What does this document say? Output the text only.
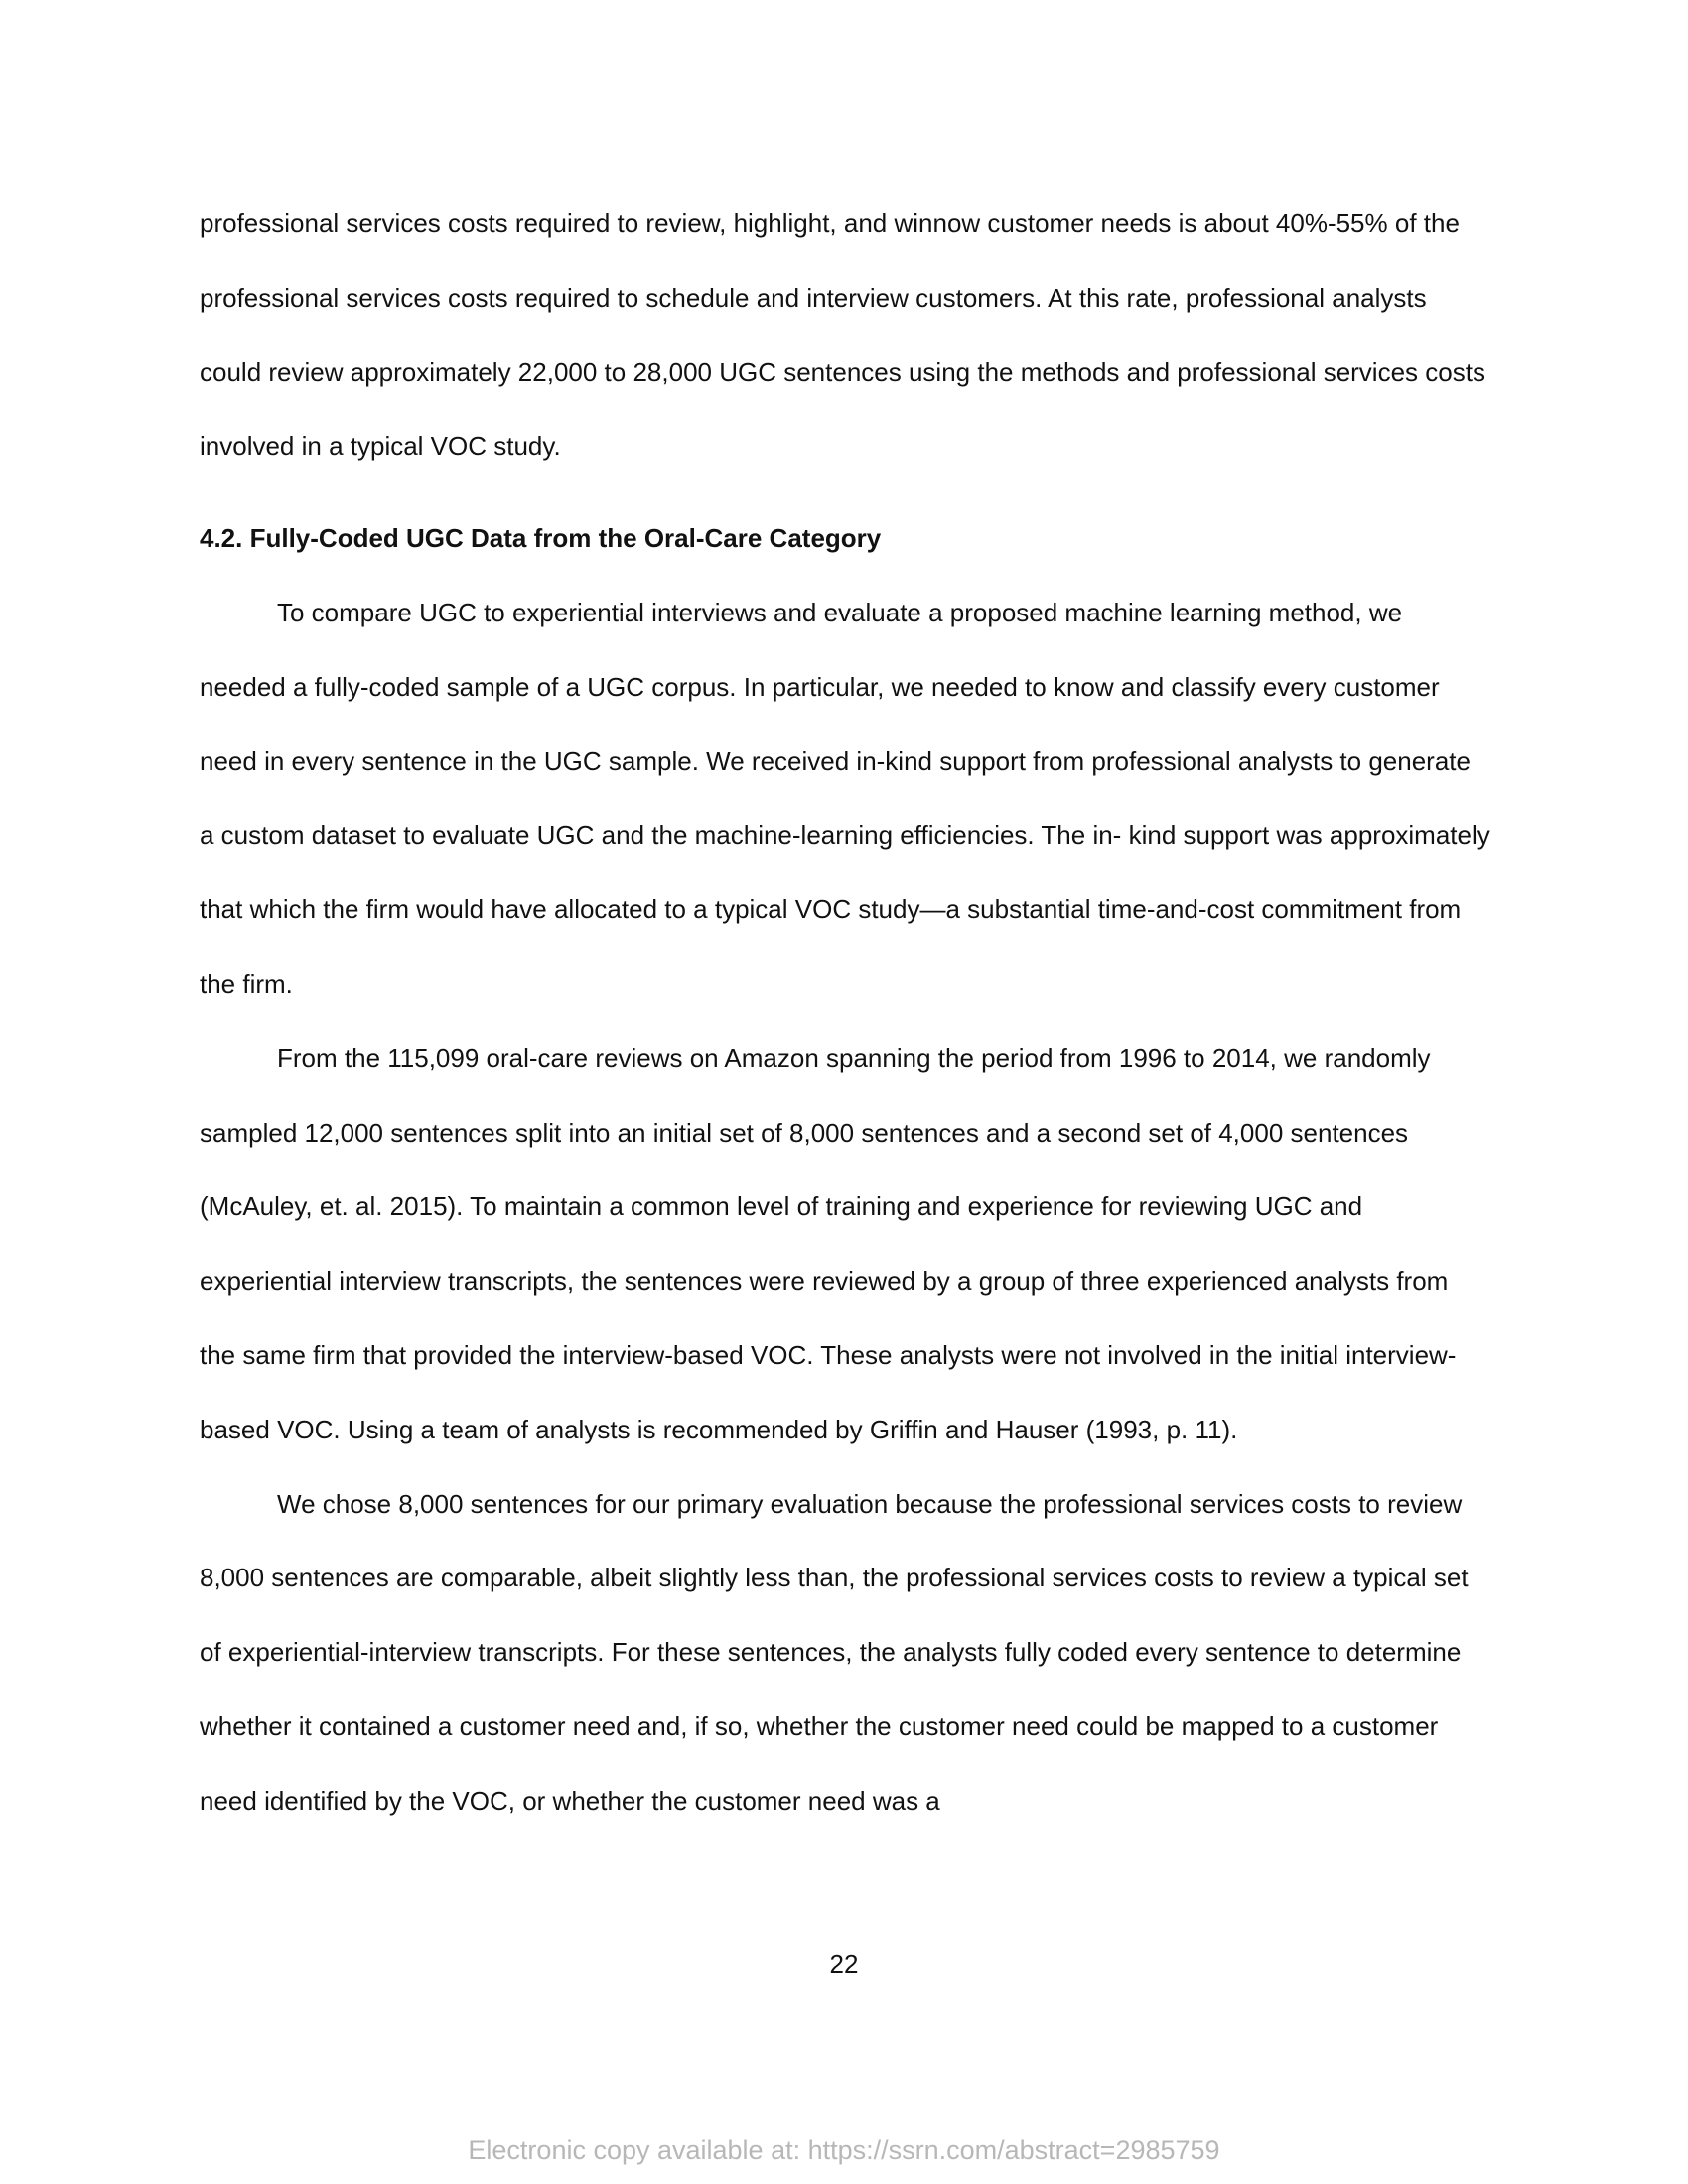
professional services costs required to review, highlight, and winnow customer needs is about 40%-55% of the professional services costs required to schedule and interview customers. At this rate, professional analysts could review approximately 22,000 to 28,000 UGC sentences using the methods and professional services costs involved in a typical VOC study.

4.2. Fully-Coded UGC Data from the Oral-Care Category

To compare UGC to experiential interviews and evaluate a proposed machine learning method, we needed a fully-coded sample of a UGC corpus. In particular, we needed to know and classify every customer need in every sentence in the UGC sample. We received in-kind support from professional analysts to generate a custom dataset to evaluate UGC and the machine-learning efficiencies. The in- kind support was approximately that which the firm would have allocated to a typical VOC study—a substantial time-and-cost commitment from the firm.

From the 115,099 oral-care reviews on Amazon spanning the period from 1996 to 2014, we randomly sampled 12,000 sentences split into an initial set of 8,000 sentences and a second set of 4,000 sentences (McAuley, et. al. 2015). To maintain a common level of training and experience for reviewing UGC and experiential interview transcripts, the sentences were reviewed by a group of three experienced analysts from the same firm that provided the interview-based VOC. These analysts were not involved in the initial interview-based VOC. Using a team of analysts is recommended by Griffin and Hauser (1993, p. 11).

We chose 8,000 sentences for our primary evaluation because the professional services costs to review 8,000 sentences are comparable, albeit slightly less than, the professional services costs to review a typical set of experiential-interview transcripts. For these sentences, the analysts fully coded every sentence to determine whether it contained a customer need and, if so, whether the customer need could be mapped to a customer need identified by the VOC, or whether the customer need was a

22
Electronic copy available at: https://ssrn.com/abstract=2985759
